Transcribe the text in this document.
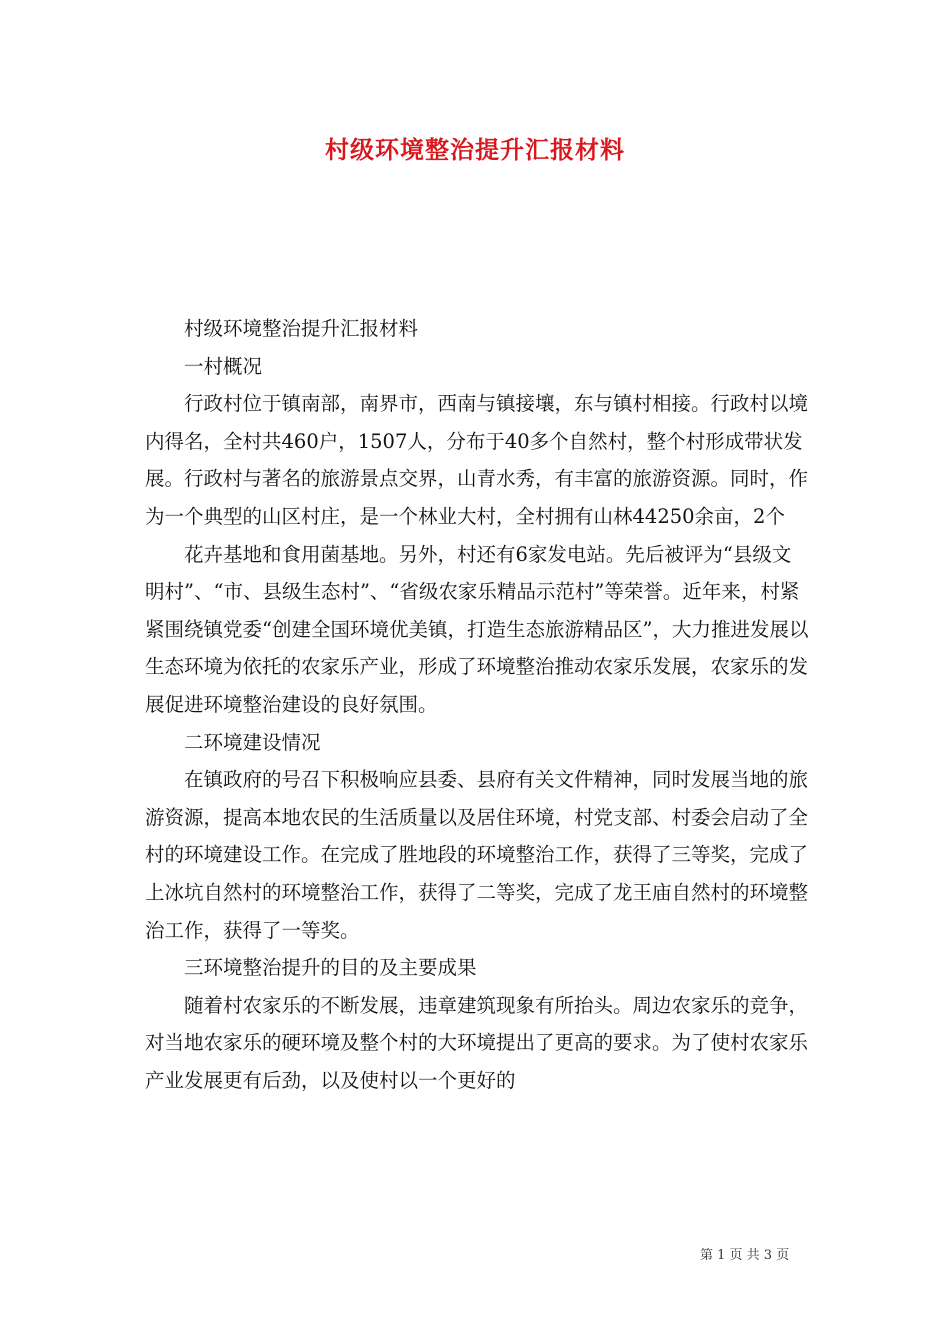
村级环境整治提升汇报材料

村级环境整治提升汇报材料

一村概况

行政村位于镇南部，南界市，西南与镇接壤，东与镇村相接。行政村以境内得名，全村共460户，1507人，分布于40多个自然村，整个村形成带状发展。行政村与著名的旅游景点交界，山青水秀，有丰富的旅游资源。同时，作为一个典型的山区村庄，是一个林业大村，全村拥有山林44250余亩，2个

花卉基地和食用菌基地。另外，村还有6家发电站。先后被评为“县级文明村”、“市、县级生态村”、“省级农家乐精品示范村”等荣誉。近年来，村紧紧围绕镇党委“创建全国环境优美镇，打造生态旅游精品区”，大力推进发展以生态环境为依托的农家乐产业，形成了环境整治推动农家乐发展，农家乐的发展促进环境整治建设的良好氛围。

二环境建设情况

在镇政府的号召下积极响应县委、县府有关文件精神，同时发展当地的旅游资源，提高本地农民的生活质量以及居住环境，村党支部、村委会启动了全村的环境建设工作。在完成了胜地段的环境整治工作，获得了三等奖，完成了上冰坑自然村的环境整治工作，获得了二等奖，完成了龙王庙自然村的环境整治工作，获得了一等奖。

三环境整治提升的目的及主要成果

随着村农家乐的不断发展，违章建筑现象有所抬头。周边农家乐的竞争，对当地农家乐的硬环境及整个村的大环境提出了更高的要求。为了使村农家乐产业发展更有后劲，以及使村以一个更好的

第 1 页 共 3 页
